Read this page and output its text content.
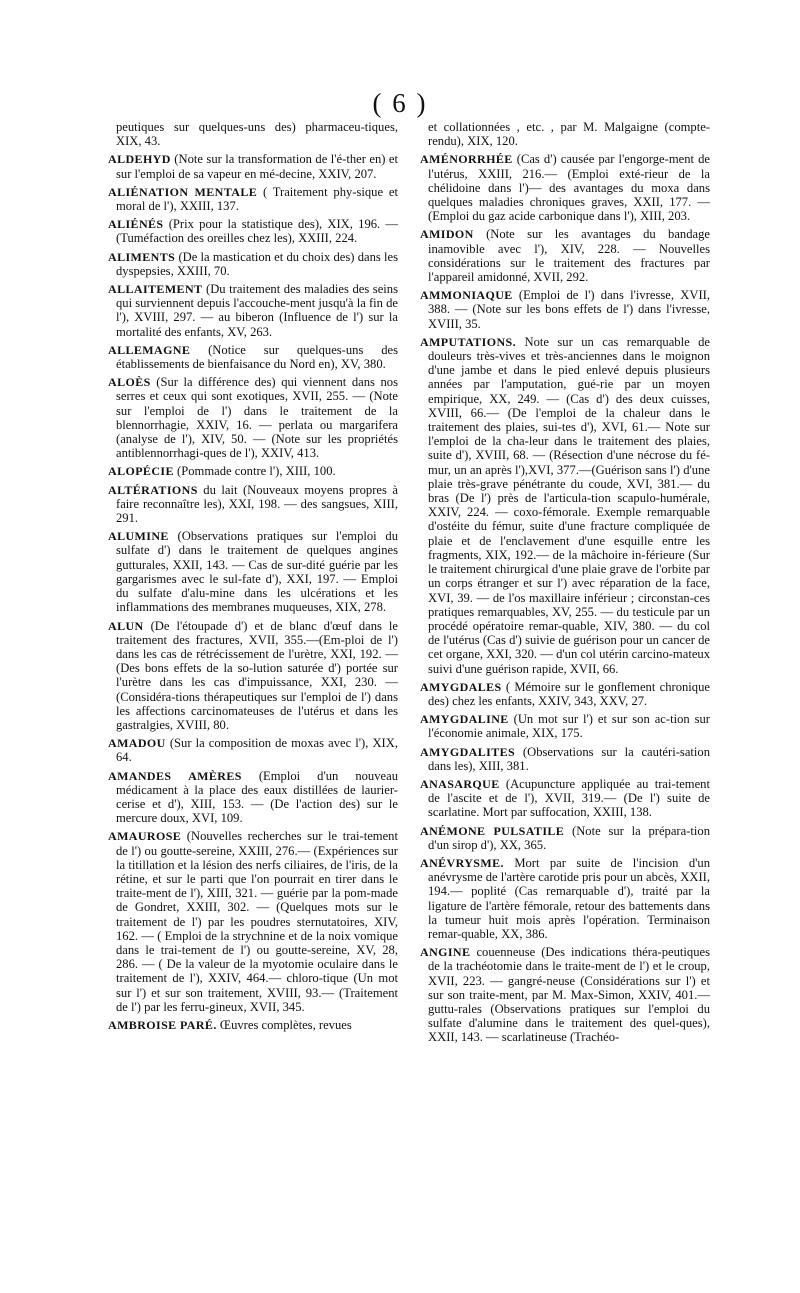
( 6 )

peutiques sur quelques-uns des) pharmaceu-tiques, XIX, 43.

ALDEHYD (Note sur la transformation de l'é-ther en) et sur l'emploi de sa vapeur en mé-decine, XXIV, 207.

ALIÉNATION MENTALE ( Traitement phy-sique et moral de l'), XXIII, 137.

ALIÉNÉS (Prix pour la statistique des), XIX, 196. — (Tuméfaction des oreilles chez les), XXIII, 224.

ALIMENTS (De la mastication et du choix des) dans les dyspepsies, XXIII, 70.

ALLAITEMENT (Du traitement des maladies des seins qui surviennent depuis l'accouche-ment jusqu'à la fin de l'), XVIII, 297. — au biberon (Influence de l') sur la mortalité des enfants, XV, 263.

ALLEMAGNE (Notice sur quelques-uns des établissements de bienfaisance du Nord en), XV, 380.

ALOÈS (Sur la différence des) qui viennent dans nos serres et ceux qui sont exotiques, XVII, 255. — (Note sur l'emploi de l') dans le traitement de la blennorrhagie, XXIV, 16. — perlata ou margarifera (analyse de l'), XIV, 50. — (Note sur les propriétés antiblennorrhagi-ques de l'), XXIV, 413.

ALOPÉCIE (Pommade contre l'), XIII, 100.

ALTÉRATIONS du lait (Nouveaux moyens propres à faire reconnaître les), XXI, 198. — des sangsues, XIII, 291.

ALUMINE (Observations pratiques sur l'emploi du sulfate d') dans le traitement de quelques angines gutturales, XXII, 143. — Cas de sur-dité guérie par les gargarismes avec le sul-fate d'), XXI, 197. — Emploi du sulfate d'alu-mine dans les ulcérations et les inflammations des membranes muqueuses, XIX, 278.

ALUN (De l'étoupade d') et de blanc d'œuf dans le traitement des fractures, XVII, 355.—(Em-ploi de l') dans les cas de rétrécissement de l'urètre, XXI, 192. —(Des bons effets de la so-lution saturée d') portée sur l'urètre dans les cas d'impuissance, XXI, 230. — (Considéra-tions thérapeutiques sur l'emploi de l') dans les affections carcinomateuses de l'utérus et dans les gastralgies, XVIII, 80.

AMADOU (Sur la composition de moxas avec l'), XIX, 64.

AMANDES AMÈRES (Emploi d'un nouveau médicament à la place des eaux distillées de laurier-cerise et d'), XIII, 153. — (De l'action des) sur le mercure doux, XVI, 109.

AMAUROSE (Nouvelles recherches sur le trai-tement de l') ou goutte-sereine, XXIII, 276.— (Expériences sur la titillation et la lésion des nerfs ciliaires, de l'iris, de la rétine, et sur le parti que l'on pourrait en tirer dans le traite-ment de l'), XIII, 321. — guérie par la pom-made de Gondret, XXIII, 302. — (Quelques mots sur le traitement de l') par les poudres sternutatoires, XIV, 162. — ( Emploi de la strychnine et de la noix vomique dans le trai-tement de l') ou goutte-sereine, XV, 28, 286. — ( De la valeur de la myotomie oculaire dans le traitement de l'), XXIV, 464.— chloro-tique (Un mot sur l') et sur son traitement, XVIII, 93.— (Traitement de l') par les ferru-gineux, XVII, 345.

AMBROISE PARÉ. Œuvres complètes, revues

et collationnées , etc. , par M. Malgaigne (compte-rendu), XIX, 120.

AMÉNORRHÉE (Cas d') causée par l'engorge-ment de l'utérus, XXIII, 216.— (Emploi exté-rieur de la chélidoine dans l')— des avantages du moxa dans quelques maladies chroniques graves, XXII, 177. —(Emploi du gaz acide carbonique dans l'), XIII, 203.

AMIDON (Note sur les avantages du bandage inamovible avec l'), XIV, 228. — Nouvelles considérations sur le traitement des fractures par l'appareil amidonné, XVII, 292.

AMMONIAQUE (Emploi de l') dans l'ivresse, XVII, 388. — (Note sur les bons effets de l') dans l'ivresse, XVIII, 35.

AMPUTATIONS. Note sur un cas remarquable de douleurs très-vives et très-anciennes dans le moignon d'une jambe et dans le pied enlevé depuis plusieurs années par l'amputation, gué-rie par un moyen empirique, XX, 249. — (Cas d') des deux cuisses, XVIII, 66.— (De l'emploi de la chaleur dans le traitement des plaies, sui-tes d'), XVI, 61.— Note sur l'emploi de la cha-leur dans le traitement des plaies, suite d'), XVIII, 68. — (Résection d'une nécrose du fé-mur, un an après l'),XVI, 377.—(Guérison sans l') d'une plaie très-grave pénétrante du coude, XVI, 381.— du bras (De l') près de l'articula-tion scapulo-humérale, XXIV, 224. — coxo-fémorale. Exemple remarquable d'ostéite du fémur, suite d'une fracture compliquée de plaie et de l'enclavement d'une esquille entre les fragments, XIX, 192.— de la mâchoire in-férieure (Sur le traitement chirurgical d'une plaie grave de l'orbite par un corps étranger et sur l') avec réparation de la face, XVI, 39. — de l'os maxillaire inférieur ; circonstan-ces pratiques remarquables, XV, 255. — du testicule par un procédé opératoire remar-quable, XIV, 380. — du col de l'utérus (Cas d') suivie de guérison pour un cancer de cet organe, XXI, 320. — d'un col utérin carcino-mateux suivi d'une guérison rapide, XVII, 66.

AMYGDALES ( Mémoire sur le gonflement chronique des) chez les enfants, XXIV, 343, XXV, 27.

AMYGDALINE (Un mot sur l') et sur son ac-tion sur l'économie animale, XIX, 175.

AMYGDALITES (Observations sur la cautéri-sation dans les), XIII, 381.

ANASARQUE (Acupuncture appliquée au trai-tement de l'ascite et de l'), XVII, 319.— (De l') suite de scarlatine. Mort par suffocation, XXIII, 138.

ANÉMONE PULSATILE (Note sur la prépara-tion d'un sirop d'), XX, 365.

ANÉVRYSME. Mort par suite de l'incision d'un anévrysme de l'artère carotide pris pour un abcès, XXII, 194.— poplité (Cas remarquable d'), traité par la ligature de l'artère fémorale, retour des battements dans la tumeur huit mois après l'opération. Terminaison remar-quable, XX, 386.

ANGINE couenneuse (Des indications théra-peutiques de la trachéotomie dans le traite-ment de l') et le croup, XVII, 223. — gangré-neuse (Considérations sur l') et sur son traite-ment, par M. Max-Simon, XXIV, 401.— guttu-rales (Observations pratiques sur l'emploi du sulfate d'alumine dans le traitement des quel-ques), XXII, 143. — scarlatineuse (Trachéo-
